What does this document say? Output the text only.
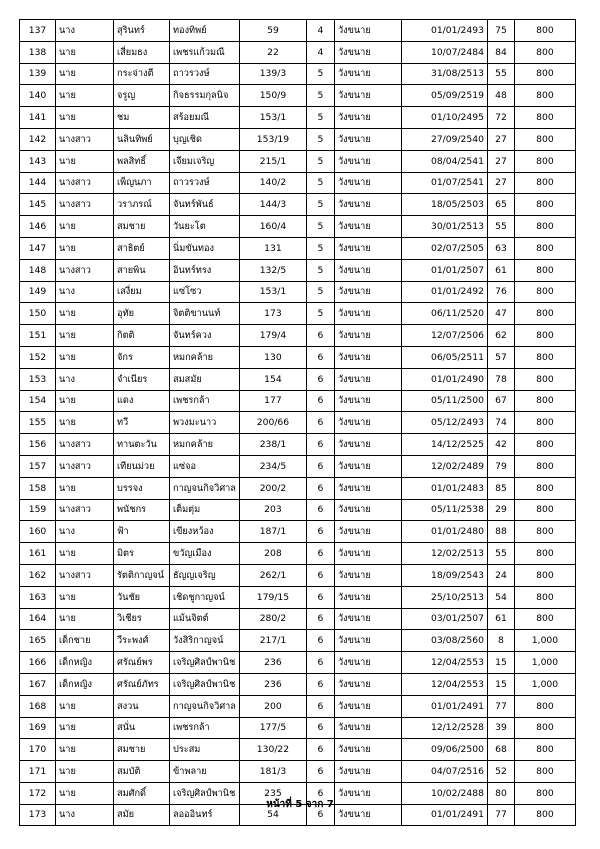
137	นาง	สุรินทร์	ทองทิพย์	59	4	วังขนาย	01/01/2493	75	800
138	นาย	เสี่ยมธง	เพชรแก้วมณี	22	4	วังขนาย	10/07/2484	84	800
139	นาย	กระจ่างตี	ถาวรวงษ์	139/3	5	วังขนาย	31/08/2513	55	800
140	นาย	จรูญ	กิจธรรมกุลนิจ	150/9	5	วังขนาย	05/09/2519	48	800
141	นาย	ชม	สร้อยมณี	153/1	5	วังขนาย	01/10/2495	72	800
142	นางสาว	นลินทิพย์	บุญเชิด	153/19	5	วังขนาย	27/09/2540	27	800
143	นาย	พลสิทธิ์	เจียมเจริญ	215/1	5	วังขนาย	08/04/2541	27	800
144	นางสาว	เพ็ญนภา	ถาวรวงษ์	140/2	5	วังขนาย	01/07/2541	27	800
145	นางสาว	วราภรณ์	จันทร์พันธ์	144/3	5	วังขนาย	18/05/2503	65	800
146	นาย	สมชาย	วันยะโต	160/4	5	วังขนาย	30/01/2513	55	800
147	นาย	สาธิตย์	นิ่มขันทอง	131	5	วังขนาย	02/07/2505	63	800
148	นางสาว	สายพิน	อินทร์ทรง	132/5	5	วังขนาย	01/01/2507	61	800
149	นาง	เสงี่ยม	แซ่โซว	153/1	5	วังขนาย	01/01/2492	76	800
150	นาย	อุทัย	จิตติขานนท์	173	5	วังขนาย	06/11/2520	47	800
151	นาย	กิตติ	จันทร์ควง	179/4	6	วังขนาย	12/07/2506	62	800
152	นาย	จักร	หมกคล้าย	130	6	วังขนาย	06/05/2511	57	800
153	นาง	จำเนียร	สมสมัย	154	6	วังขนาย	01/01/2490	78	800
154	นาย	แดง	เพชรกล้า	177	6	วังขนาย	05/11/2500	67	800
155	นาย	ทวี	พวงมะนาว	200/66	6	วังขนาย	05/12/2493	74	800
156	นางสาว	ทานตะวัน	หมกคล้าย	238/1	6	วังขนาย	14/12/2525	42	800
157	นางสาว	เทียนม่วย	แซ่จอ	234/5	6	วังขนาย	12/02/2489	79	800
158	นาย	บรรจง	กาญจนกิจวิศาล	200/2	6	วังขนาย	01/01/2483	85	800
159	นางสาว	พนัชกร	เต็มตุ่ม	203	6	วังขนาย	05/11/2538	29	800
160	นาง	ฟ้า	เขียงหว้อง	187/1	6	วังขนาย	01/01/2480	88	800
161	นาย	มิตร	ขวัญเมือง	208	6	วังขนาย	12/02/2513	55	800
162	นางสาว	รัตติกาญจน์	ธัญญเจริญ	262/1	6	วังขนาย	18/09/2543	24	800
163	นาย	วันชัย	เชิดชูกาญจน์	179/15	6	วังขนาย	25/10/2513	54	800
164	นาย	วิเชียร	แม้นจิตต์	280/2	6	วังขนาย	03/01/2507	61	800
165	เด็กชาย	วีระพงศ์	วังสิริกาญจน์	217/1	6	วังขนาย	03/08/2560	8	1,000
166	เด็กหญิง	ศรัณย์พร	เจริญศิลป์พานิช	236	6	วังขนาย	12/04/2553	15	1,000
167	เด็กหญิง	ศรัณย์ภัทร	เจริญศิลป์พานิช	236	6	วังขนาย	12/04/2553	15	1,000
168	นาย	สงวน	กาญจนกิจวิศาล	200	6	วังขนาย	01/01/2491	77	800
169	นาย	สนั่น	เพชรกล้า	177/5	6	วังขนาย	12/12/2528	39	800
170	นาย	สมชาย	ประสม	130/22	6	วังขนาย	09/06/2500	68	800
171	นาย	สมบัติ	ข้าพลาย	181/3	6	วังขนาย	04/07/2516	52	800
172	นาย	สมศักดิ์	เจริญศิลป์พานิช	235	6	วังขนาย	10/02/2488	80	800
173	นาง	สมัย	ลอออินทร์	54	6	วังขนาย	01/01/2491	77	800
หน้าที่ 5 จาก 7
